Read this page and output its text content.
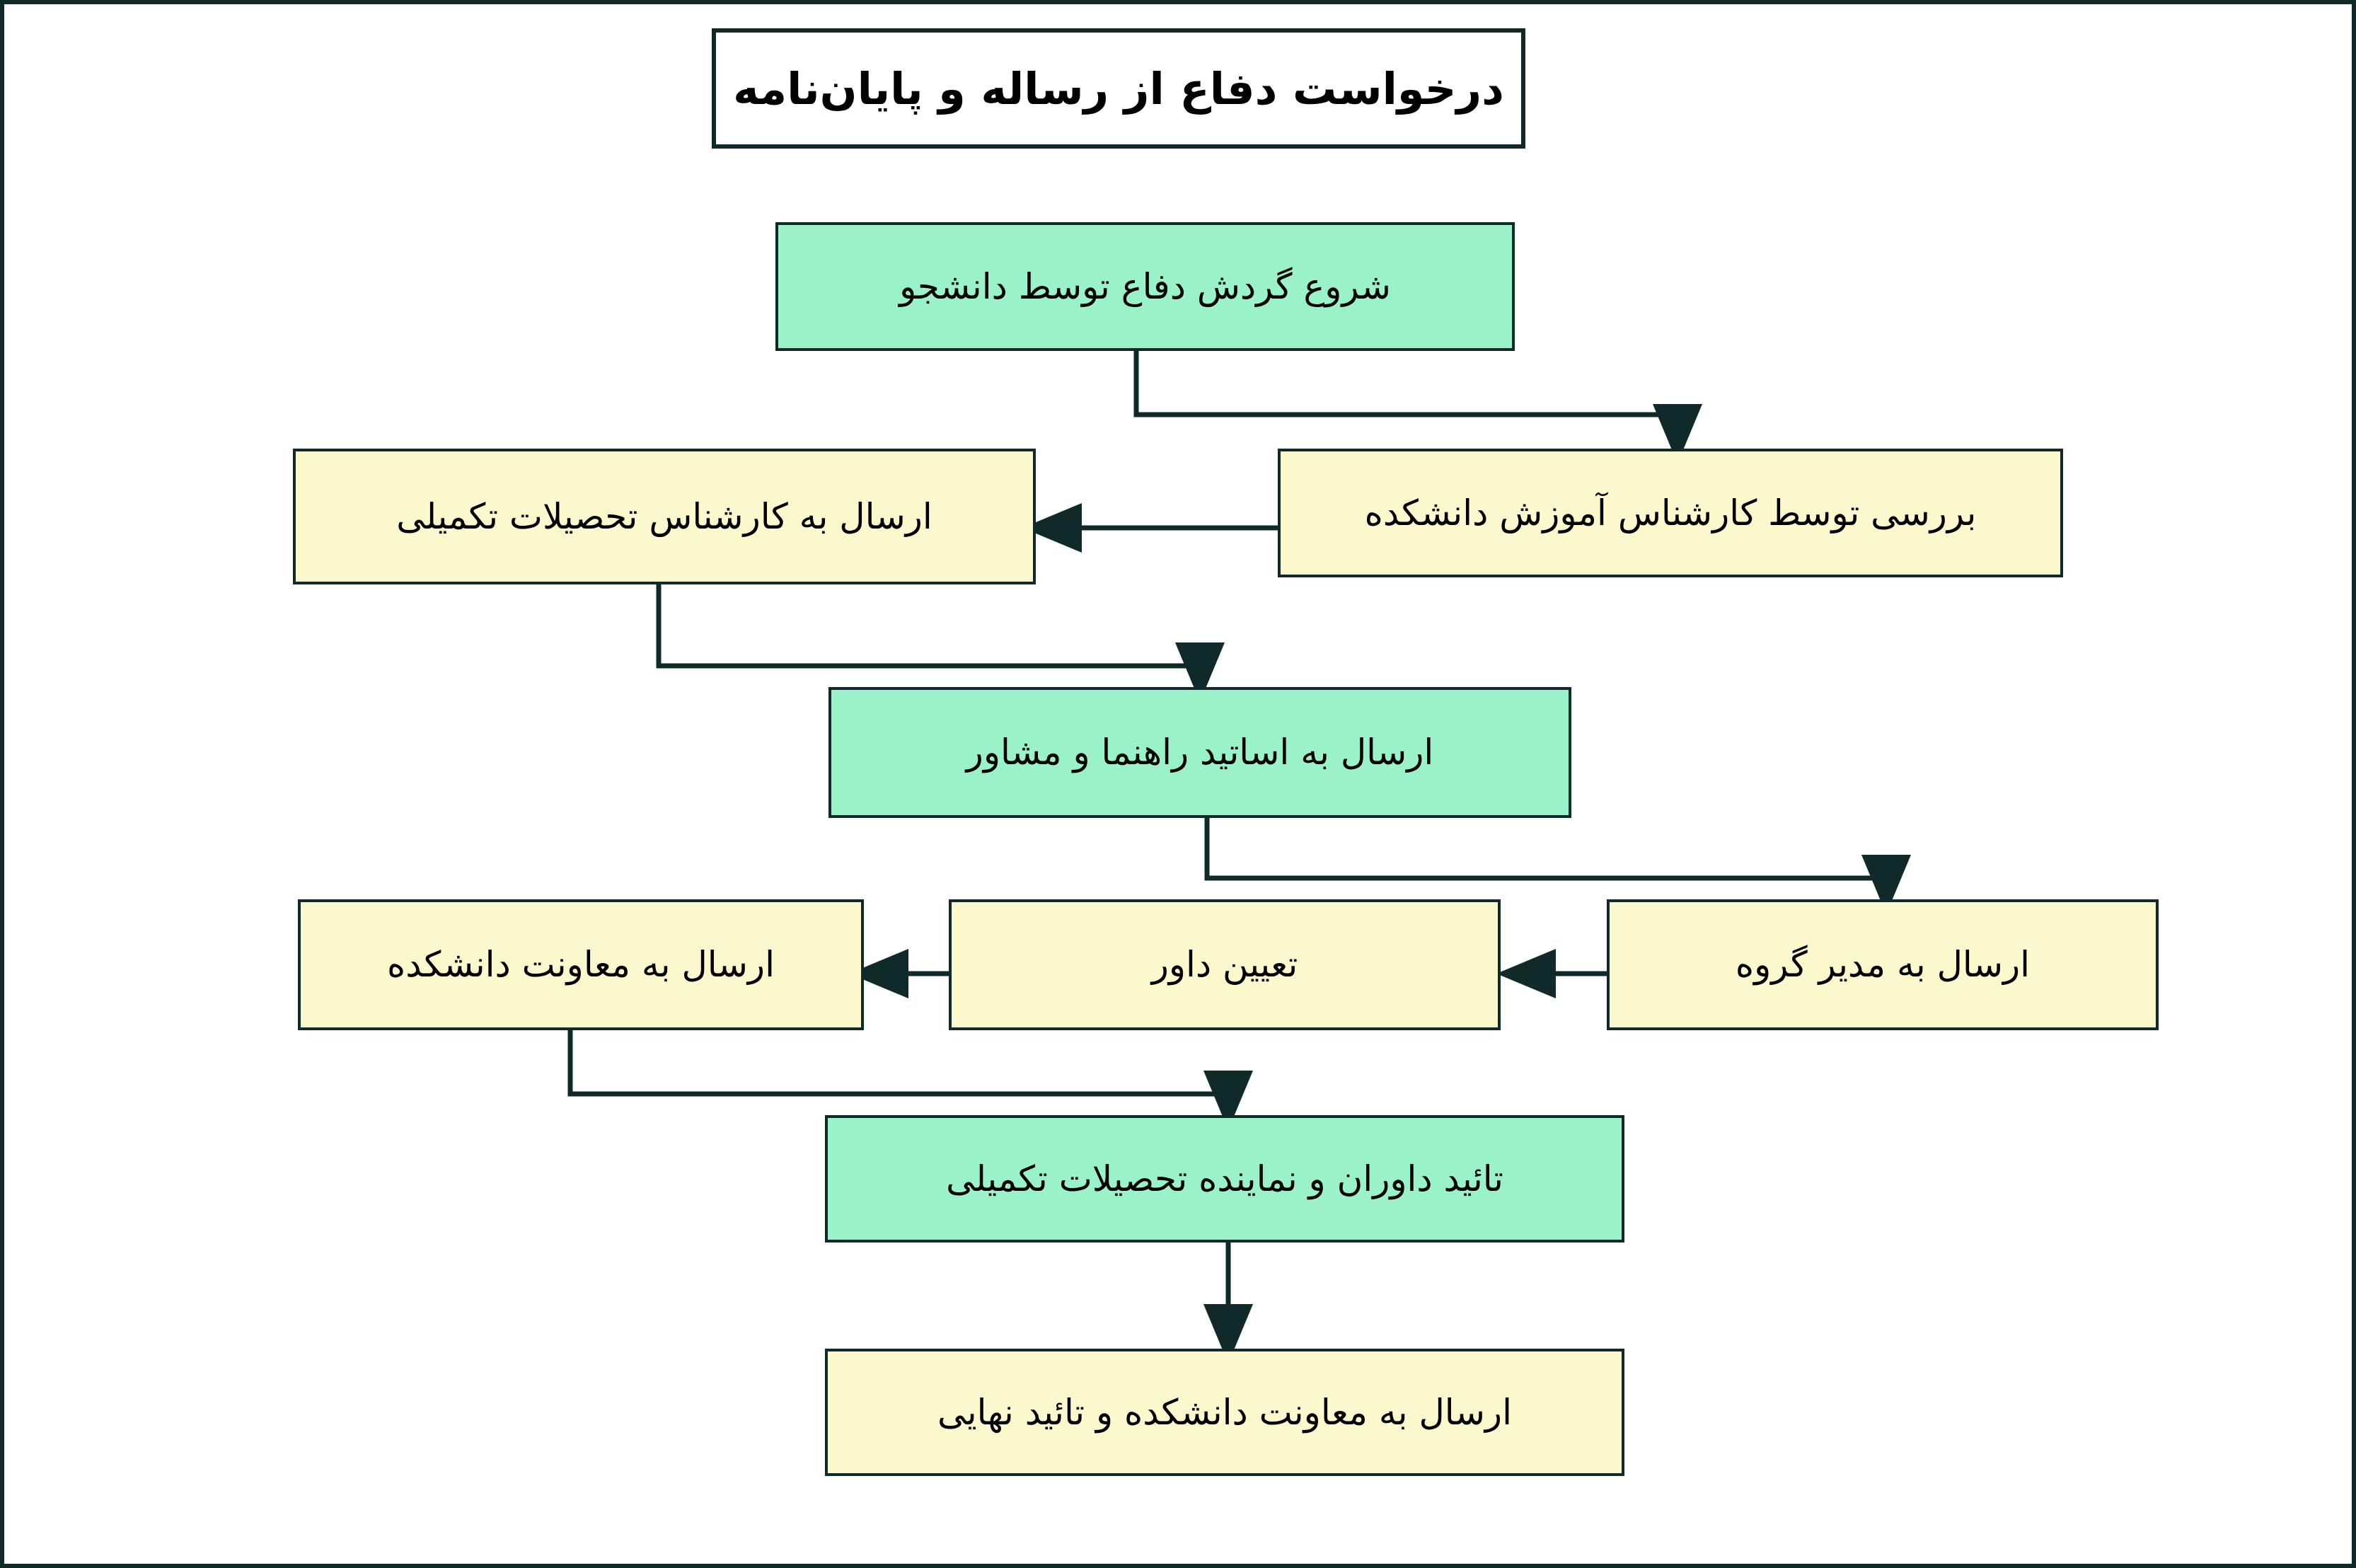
درخواست دفاع از رساله و پایان‌نامه
شروع گردش دفاع توسط دانشجو
بررسی توسط کارشناس آموزش دانشکده
ارسال به کارشناس تحصیلات تکمیلی
ارسال به اساتید راهنما و مشاور
ارسال به مدیر گروه
تعیین داور
ارسال به معاونت دانشکده
تائید داوران و نماینده تحصیلات تکمیلی
ارسال به معاونت دانشکده و تائید نهایی
